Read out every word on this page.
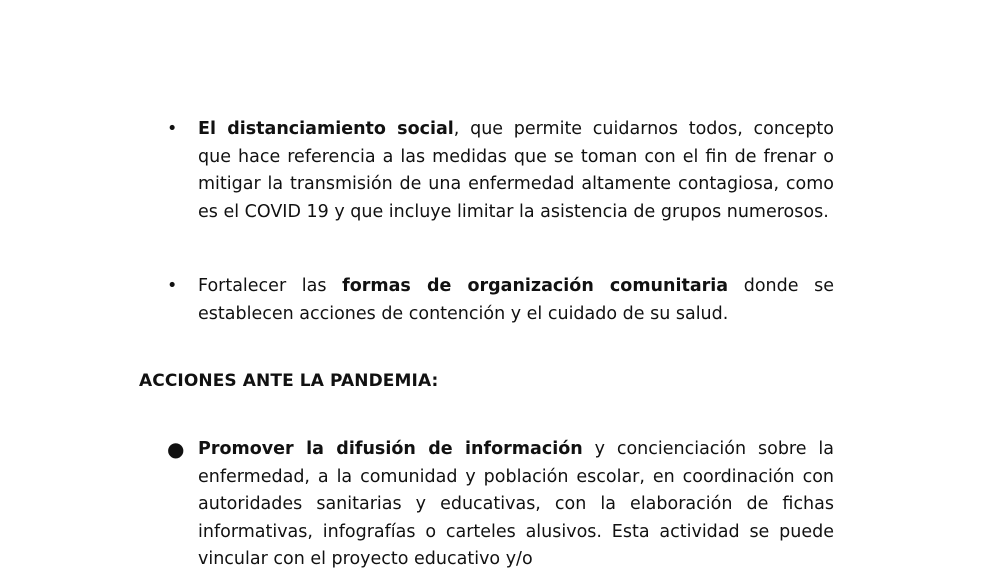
• El distanciamiento social, que permite cuidarnos todos, concepto que hace referencia a las medidas que se toman con el fin de frenar o mitigar la transmisión de una enfermedad altamente contagiosa, como es el COVID 19 y que incluye limitar la asistencia de grupos numerosos.
• Fortalecer las formas de organización comunitaria donde se establecen acciones de contención y el cuidado de su salud.
ACCIONES ANTE LA PANDEMIA:
● Promover la difusión de información y concienciación sobre la enfermedad, a la comunidad y población escolar, en coordinación con autoridades sanitarias y educativas, con la elaboración de fichas informativas, infografías o carteles alusivos. Esta actividad se puede vincular con el proyecto educativo y/o
